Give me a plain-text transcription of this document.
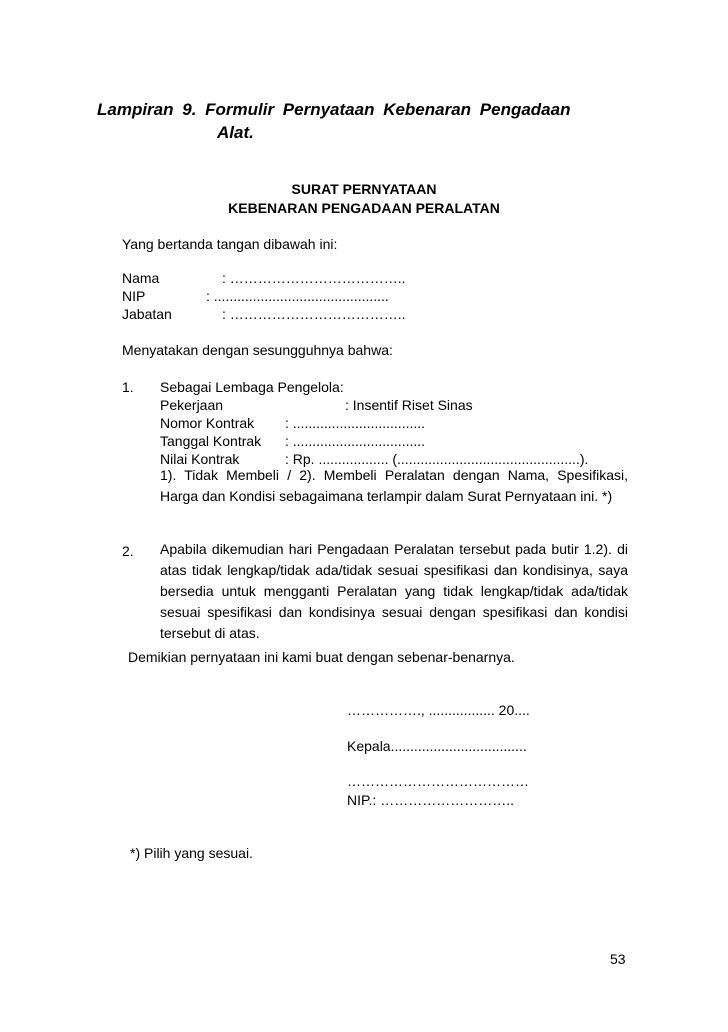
Lampiran 9. Formulir Pernyataan Kebenaran Pengadaan
Alat.
SURAT PERNYATAAN
KEBENARAN PENGADAAN PERALATAN
Yang bertanda tangan dibawah ini:
Nama	: ………………………………..
NIP	: .............................................
Jabatan	: ………………………………..
Menyatakan dengan sesungguhnya bahwa:
1. Sebagai Lembaga Pengelola:
Pekerjaan	: Insentif Riset Sinas
Nomor Kontrak : ..................................
Tanggal Kontrak : ..................................
Nilai Kontrak	: Rp. .................. (...............................................).
1). Tidak Membeli / 2). Membeli Peralatan dengan Nama, Spesifikasi, Harga dan Kondisi sebagaimana terlampir dalam Surat Pernyataan ini. *)
2. Apabila dikemudian hari Pengadaan Peralatan tersebut pada butir 1.2). di atas tidak lengkap/tidak ada/tidak sesuai spesifikasi dan kondisinya, saya bersedia untuk mengganti Peralatan yang tidak lengkap/tidak ada/tidak sesuai spesifikasi dan kondisinya sesuai dengan spesifikasi dan kondisi tersebut di atas.
Demikian pernyataan ini kami buat dengan sebenar-benarnya.
……………., ................. 20....
Kepala...................................
…………………………………
NIP.: ………………………..
*) Pilih yang sesuai.
53
